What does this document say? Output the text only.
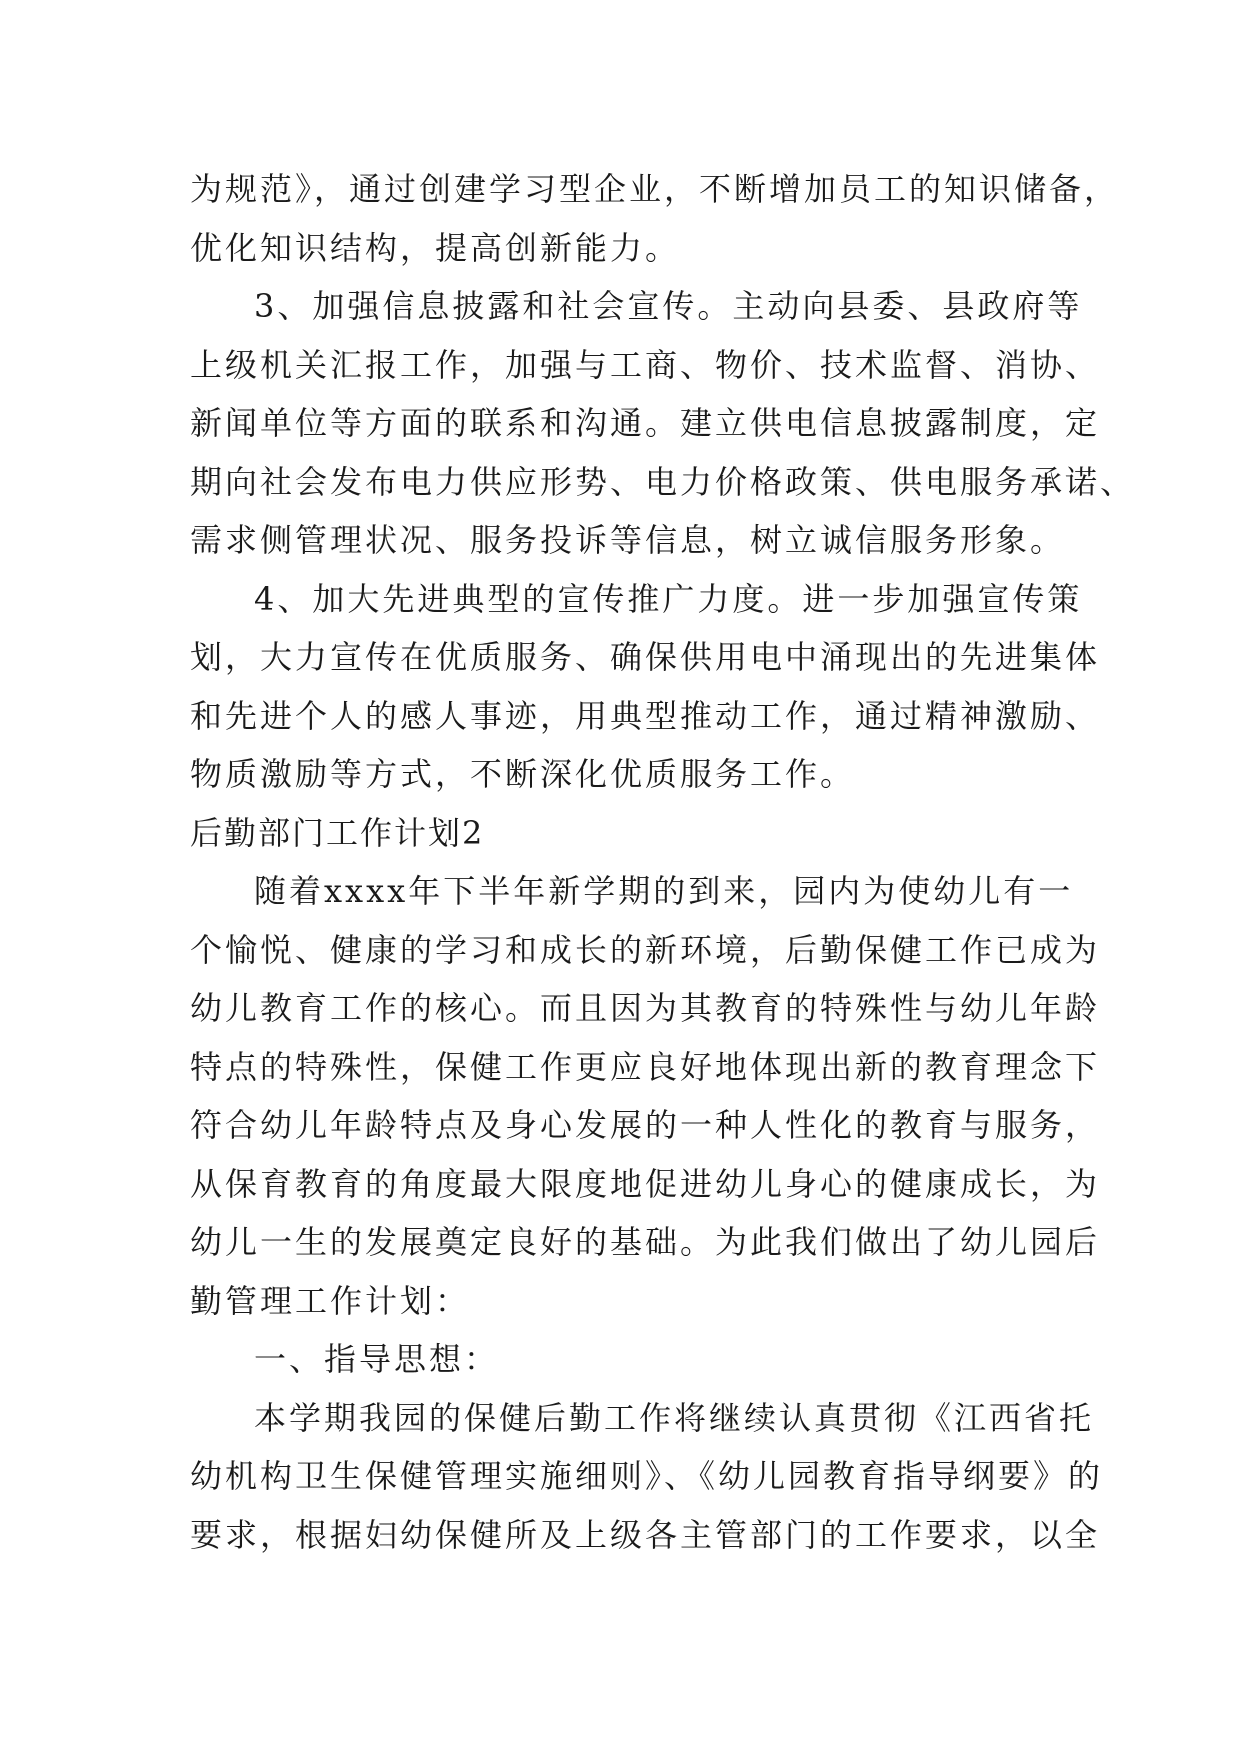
为规范》，通过创建学习型企业，不断增加员工的知识储备，
优化知识结构，提高创新能力。
3、加强信息披露和社会宣传。主动向县委、县政府等
上级机关汇报工作，加强与工商、物价、技术监督、消协、
新闻单位等方面的联系和沟通。建立供电信息披露制度，定
期向社会发布电力供应形势、电力价格政策、供电服务承诺、
需求侧管理状况、服务投诉等信息，树立诚信服务形象。
4、加大先进典型的宣传推广力度。进一步加强宣传策
划，大力宣传在优质服务、确保供用电中涌现出的先进集体
和先进个人的感人事迹，用典型推动工作，通过精神激励、
物质激励等方式，不断深化优质服务工作。
后勤部门工作计划2
随着xxxx年下半年新学期的到来，园内为使幼儿有一
个愉悦、健康的学习和成长的新环境，后勤保健工作已成为
幼儿教育工作的核心。而且因为其教育的特殊性与幼儿年龄
特点的特殊性，保健工作更应良好地体现出新的教育理念下
符合幼儿年龄特点及身心发展的一种人性化的教育与服务，
从保育教育的角度最大限度地促进幼儿身心的健康成长，为
幼儿一生的发展奠定良好的基础。为此我们做出了幼儿园后
勤管理工作计划：
一、指导思想：
本学期我园的保健后勤工作将继续认真贯彻《江西省托
幼机构卫生保健管理实施细则》、《幼儿园教育指导纲要》的
要求，根据妇幼保健所及上级各主管部门的工作要求，以全
